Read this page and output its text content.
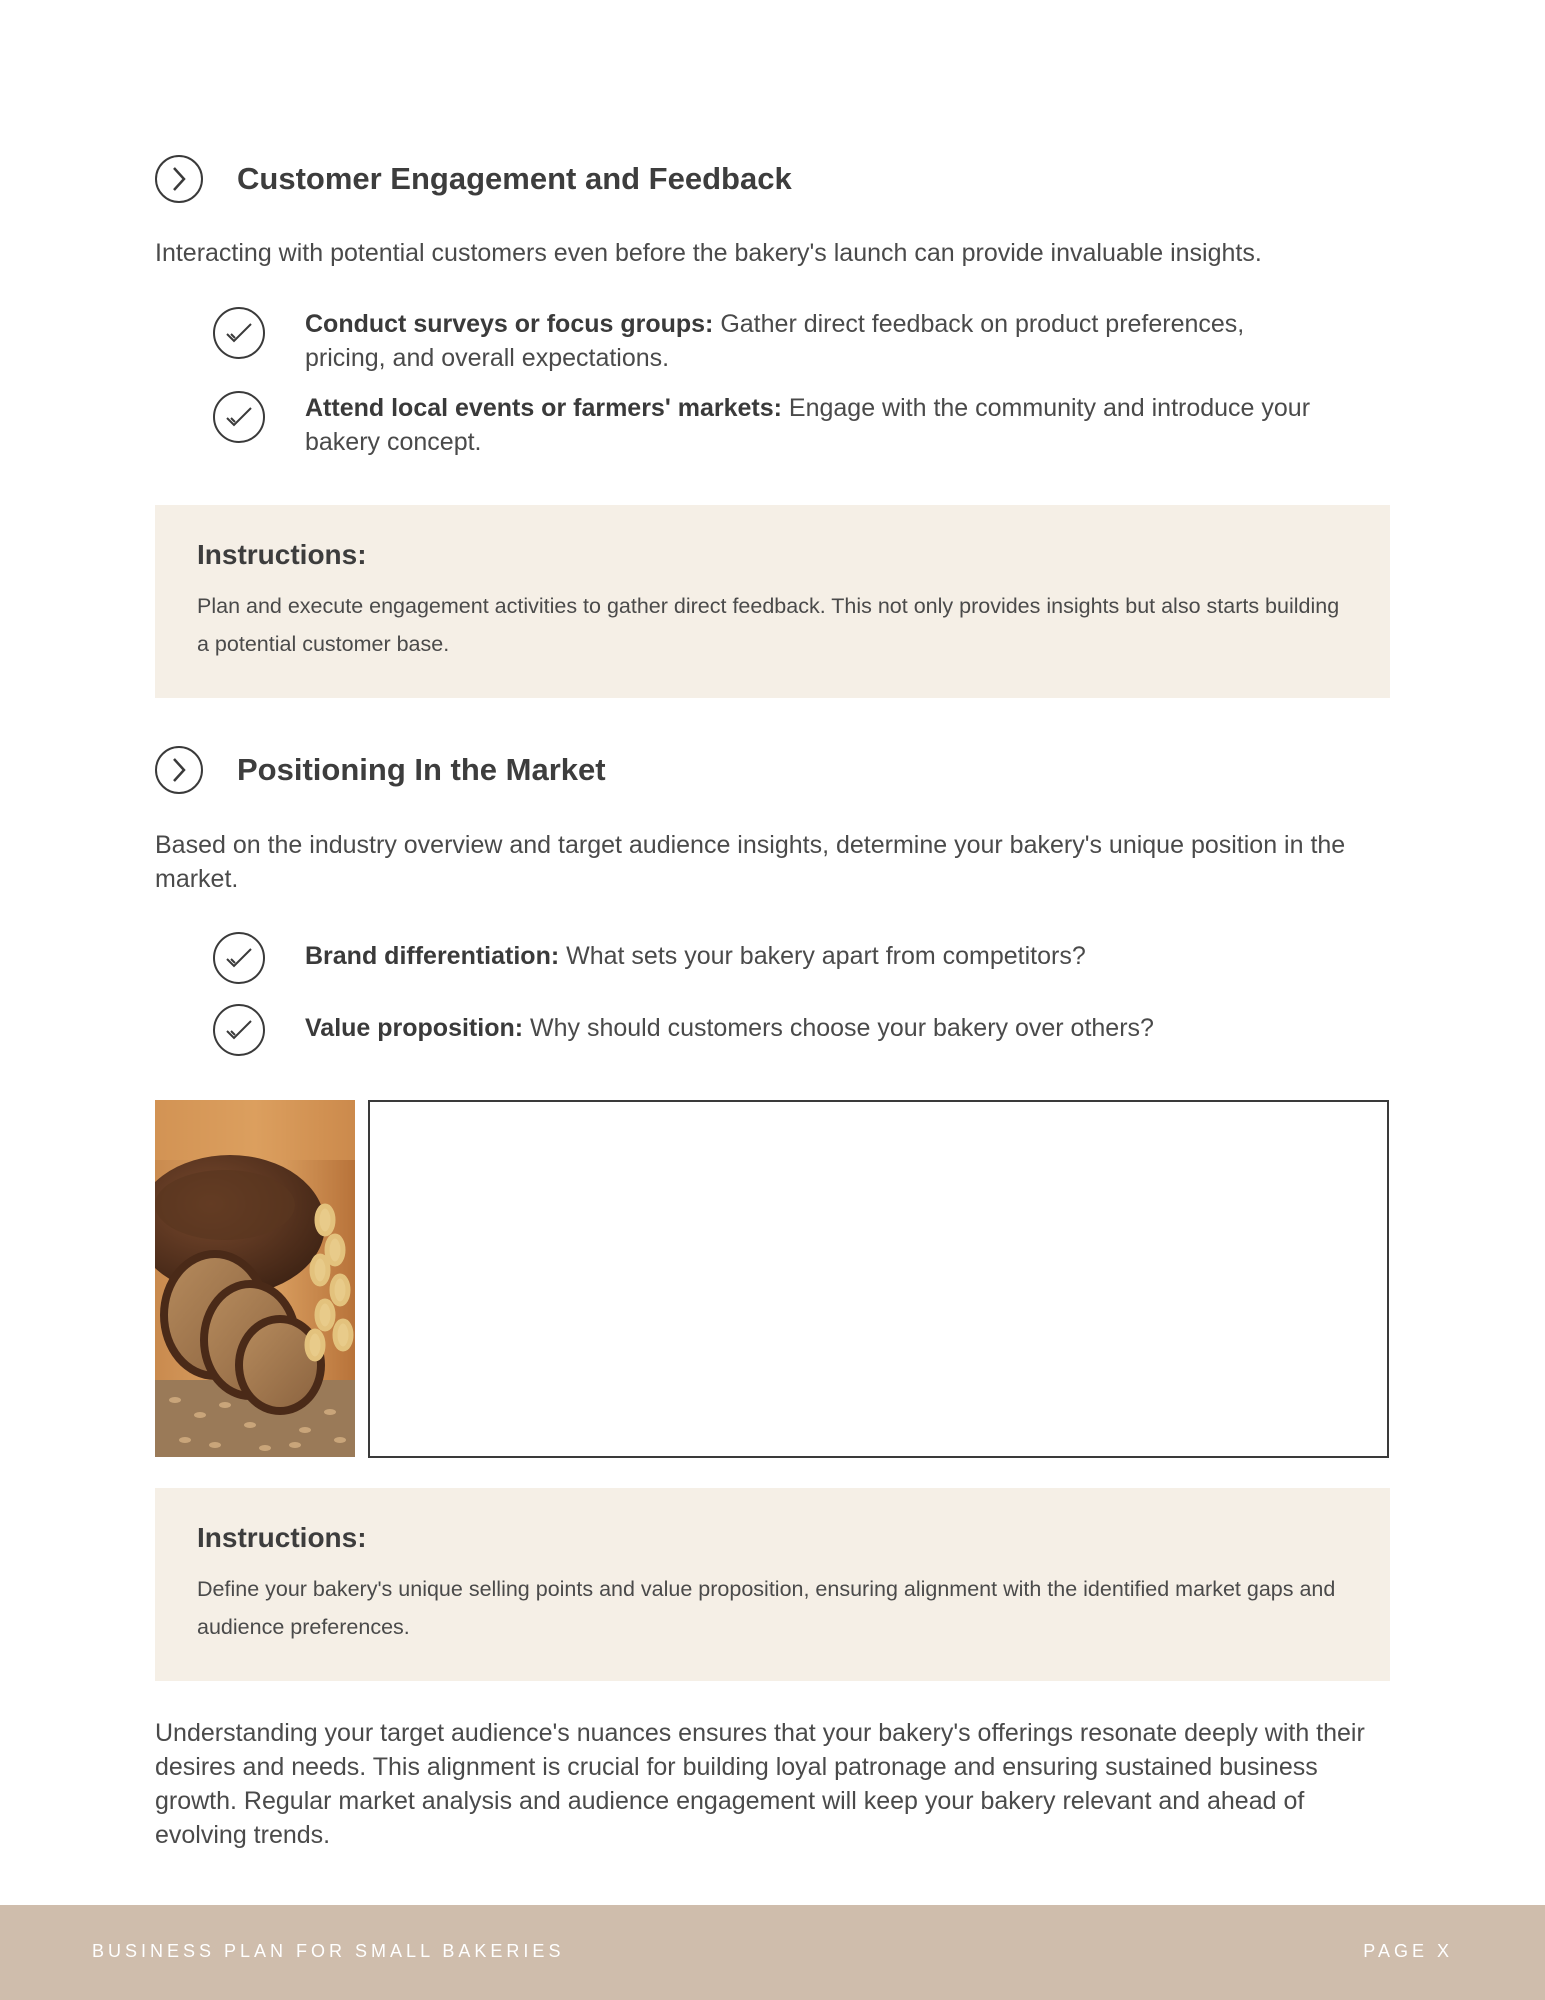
Customer Engagement and Feedback

Interacting with potential customers even before the bakery's launch can provide invaluable insights.

Conduct surveys or focus groups: Gather direct feedback on product preferences, pricing, and overall expectations.
Attend local events or farmers' markets: Engage with the community and introduce your bakery concept.
Instructions:

Plan and execute engagement activities to gather direct feedback. This not only provides insights but also starts building a potential customer base.

Positioning In the Market

Based on the industry overview and target audience insights, determine your bakery's unique position in the market.

Brand differentiation: What sets your bakery apart from competitors?
Value proposition: Why should customers choose your bakery over others?
Instructions:

Define your bakery's unique selling points and value proposition, ensuring alignment with the identified market gaps and audience preferences.

Understanding your target audience's nuances ensures that your bakery's offerings resonate deeply with their desires and needs. This alignment is crucial for building loyal patronage and ensuring sustained business growth. Regular market analysis and audience engagement will keep your bakery relevant and ahead of evolving trends.

BUSINESS PLAN FOR SMALL BAKERIES	PAGE X
